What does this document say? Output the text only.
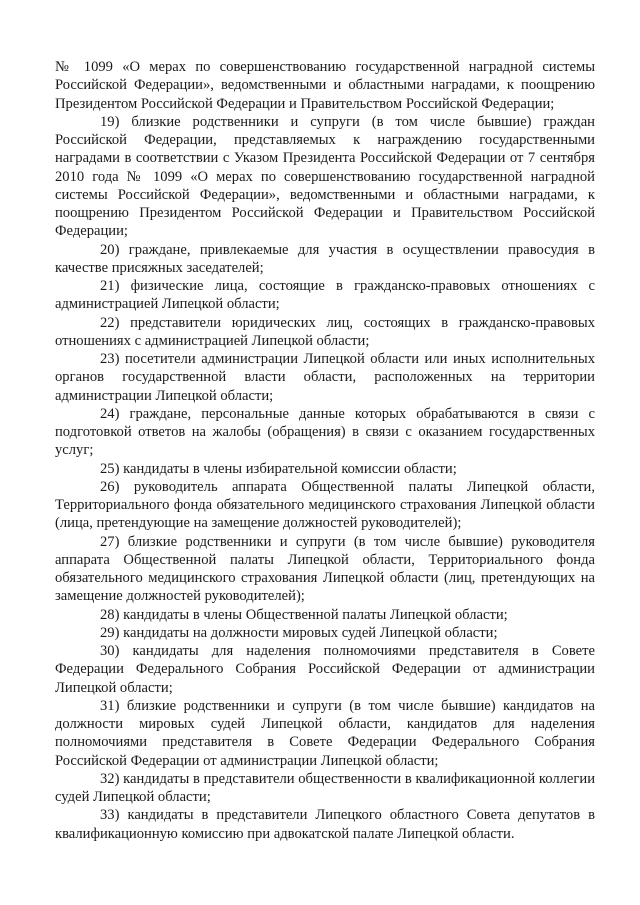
№ 1099 «О мерах по совершенствованию государственной наградной системы Российской Федерации», ведомственными и областными наградами, к поощрению Президентом Российской Федерации и Правительством Российской Федерации;

19) близкие родственники и супруги (в том числе бывшие) граждан Российской Федерации, представляемых к награждению государственными наградами в соответствии с Указом Президента Российской Федерации от 7 сентября 2010 года № 1099 «О мерах по совершенствованию государственной наградной системы Российской Федерации», ведомственными и областными наградами, к поощрению Президентом Российской Федерации и Правительством Российской Федерации;

20) граждане, привлекаемые для участия в осуществлении правосудия в качестве присяжных заседателей;

21) физические лица, состоящие в гражданско-правовых отношениях с администрацией Липецкой области;

22) представители юридических лиц, состоящих в гражданско-правовых отношениях с администрацией Липецкой области;

23) посетители администрации Липецкой области или иных исполнительных органов государственной власти области, расположенных на территории администрации Липецкой области;

24) граждане, персональные данные которых обрабатываются в связи с подготовкой ответов на жалобы (обращения) в связи с оказанием государственных услуг;

25) кандидаты в члены избирательной комиссии области;

26) руководитель аппарата Общественной палаты Липецкой области, Территориального фонда обязательного медицинского страхования Липецкой области (лица, претендующие на замещение должностей руководителей);

27) близкие родственники и супруги (в том числе бывшие) руководителя аппарата Общественной палаты Липецкой области, Территориального фонда обязательного медицинского страхования Липецкой области (лиц, претендующих на замещение должностей руководителей);

28) кандидаты в члены Общественной палаты Липецкой области;

29) кандидаты на должности мировых судей Липецкой области;

30) кандидаты для наделения полномочиями представителя в Совете Федерации Федерального Собрания Российской Федерации от администрации Липецкой области;

31) близкие родственники и супруги (в том числе бывшие) кандидатов на должности мировых судей Липецкой области, кандидатов для наделения полномочиями представителя в Совете Федерации Федерального Собрания Российской Федерации от администрации Липецкой области;

32) кандидаты в представители общественности в квалификационной коллегии судей Липецкой области;

33) кандидаты в представители Липецкого областного Совета депутатов в квалификационную комиссию при адвокатской палате Липецкой области.
